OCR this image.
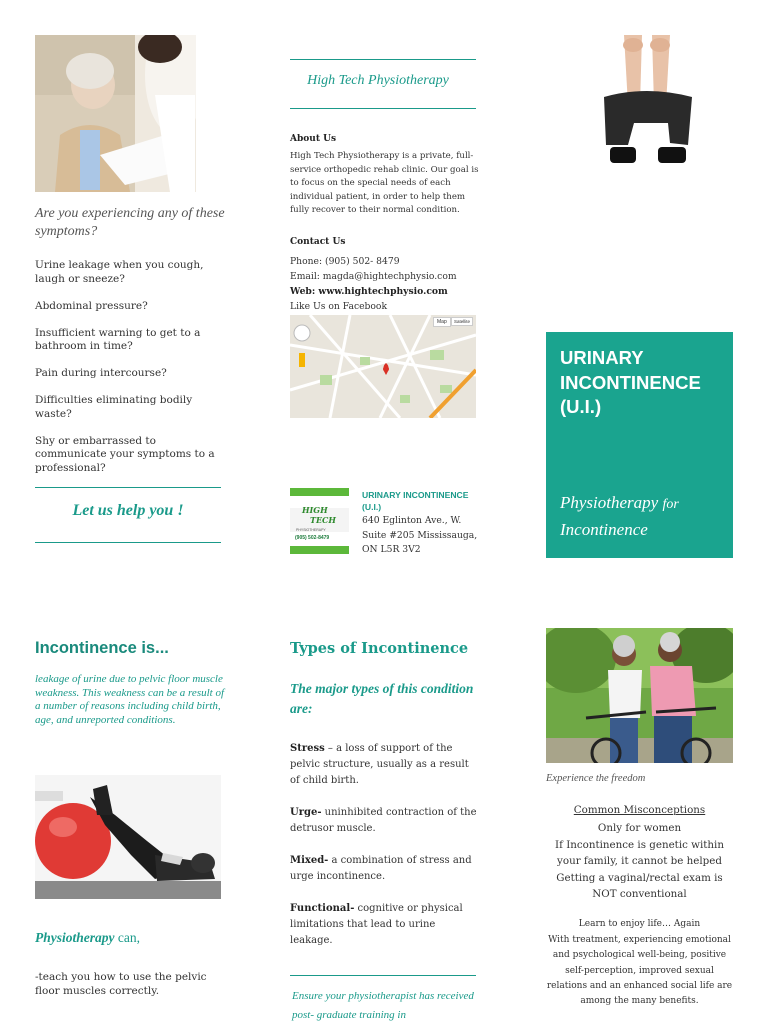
Are you experiencing any of these symptoms?

Urine leakage when you cough, laugh or sneeze?

Abdominal pressure?

Insufficient warning to get to a bathroom in time?

Pain during intercourse?

Difficulties eliminating bodily waste?

Shy or embarrassed to communicate your symptoms to a professional?

Let us help you !
High Tech Physiotherapy
About Us
High Tech Physiotherapy is a private, full-service orthopedic rehab clinic. Our goal is to focus on the special needs of each individual patient, in order to help them fully recover to their normal condition.
Contact Us
Phone: (905) 502- 8479
Email: magda@hightechphysio.com
Web: www.hightechphysio.com
Like Us on Facebook
Map	Satellite
HIGH
TECH
PHYSIOTHERAPY
(905) 502-8479
URINARY INCONTINENCE (U.I.)
640 Eglinton Ave., W.
Suite #205 Mississauga,
ON L5R 3V2
URINARY INCONTINENCE (U.I.)
Physiotherapy for
Incontinence
Incontinence is...
leakage of urine due to pelvic floor muscle weakness. This weakness can be a result of a number of reasons including child birth, age, and unreported conditions.
Physiotherapy can,
-teach you how to use the pelvic floor muscles correctly.
Types of Incontinence
The major types of this condition are:

Stress – a loss of support of the pelvic structure, usually as a result of child birth.

Urge- uninhibited contraction of the detrusor muscle.

Mixed- a combination of stress and urge incontinence.

Functional- cognitive or physical limitations that lead to urine leakage.

Ensure your physiotherapist has received post- graduate training in
Experience the freedom
Common Misconceptions
Only for women
If Incontinence is genetic within your family, it cannot be helped
Getting a vaginal/rectal exam is NOT conventional
Learn to enjoy life… Again
With treatment, experiencing emotional and psychological well-being, positive self-perception, improved sexual relations and an enhanced social life are among the many benefits.
